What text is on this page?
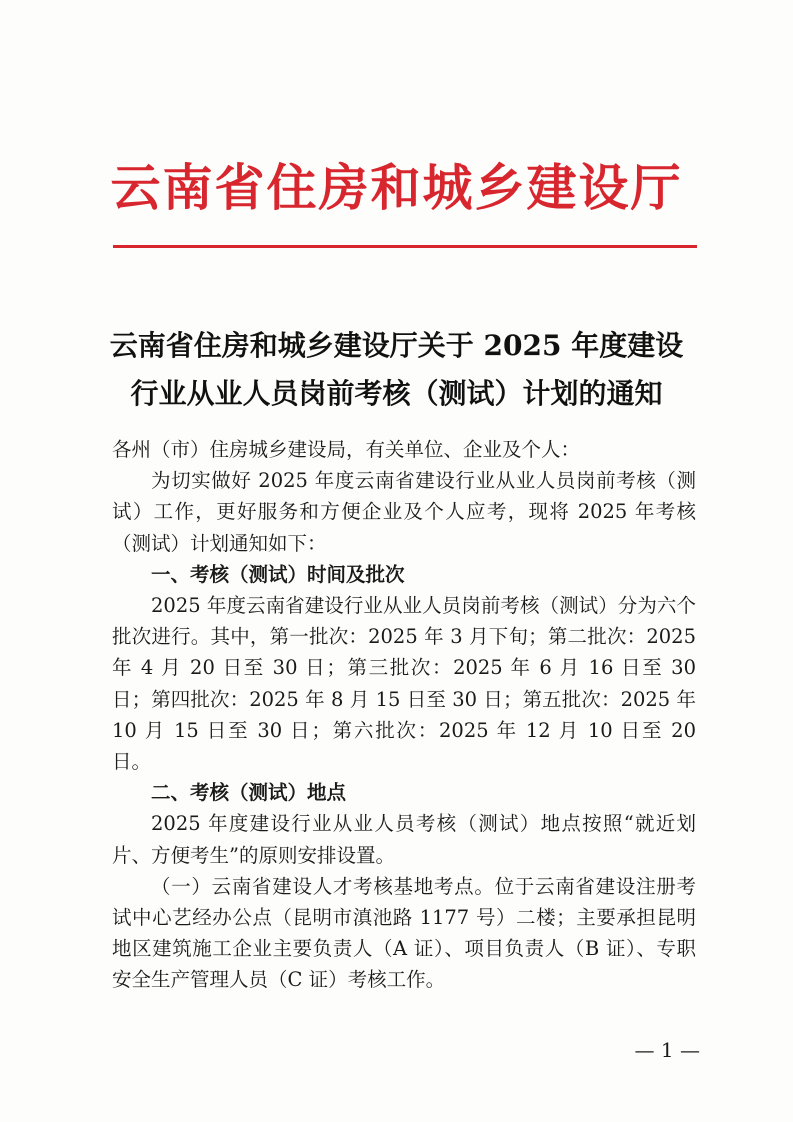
云南省住房和城乡建设厅
云南省住房和城乡建设厅关于 2025 年度建设
行业从业人员岗前考核（测试）计划的通知

各州（市）住房城乡建设局，有关单位、企业及个人：

为切实做好 2025 年度云南省建设行业从业人员岗前考核（测试）工作，更好服务和方便企业及个人应考，现将 2025 年考核（测试）计划通知如下：

一、考核（测试）时间及批次

2025 年度云南省建设行业从业人员岗前考核（测试）分为六个批次进行。其中，第一批次：2025 年 3 月下旬；第二批次：2025 年 4 月 20 日至 30 日；第三批次：2025 年 6 月 16 日至 30 日；第四批次：2025 年 8 月 15 日至 30 日；第五批次：2025 年 10 月 15 日至 30 日；第六批次：2025 年 12 月 10 日至 20 日。

二、考核（测试）地点

2025 年度建设行业从业人员考核（测试）地点按照“就近划片、方便考生”的原则安排设置。

（一）云南省建设人才考核基地考点。位于云南省建设注册考试中心艺经办公点（昆明市滇池路 1177 号）二楼；主要承担昆明地区建筑施工企业主要负责人（A 证）、项目负责人（B 证）、专职安全生产管理人员（C 证）考核工作。

— 1 —
